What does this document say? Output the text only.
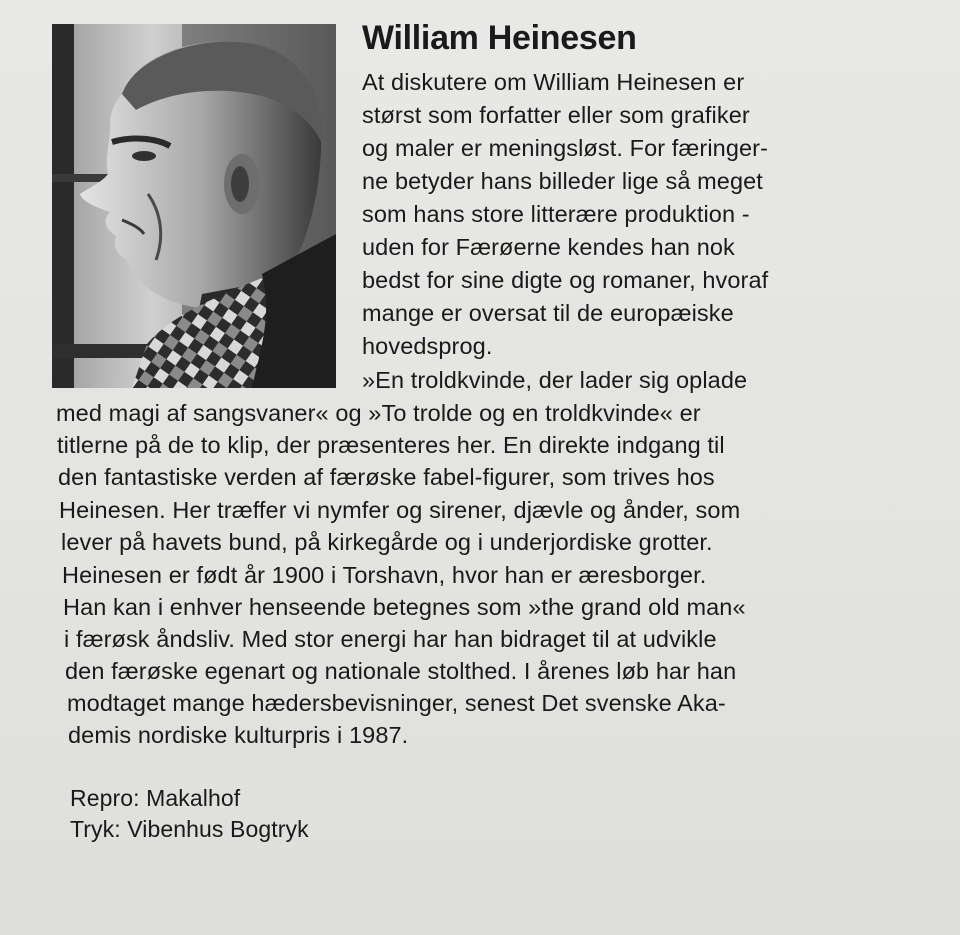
William Heinesen

At diskutere om William Heinesen er

størst som forfatter eller som grafiker

og maler er meningsløst. For færinger-

ne betyder hans billeder lige så meget

som hans store litterære produktion -

uden for Færøerne kendes han nok

bedst for sine digte og romaner, hvoraf

mange er oversat til de europæiske

hovedsprog.

»En troldkvinde, der lader sig oplade

med magi af sangsvaner« og »To trolde og en troldkvinde« er

titlerne på de to klip, der præsenteres her. En direkte indgang til

den fantastiske verden af færøske fabel-figurer, som trives hos

Heinesen. Her træffer vi nymfer og sirener, djævle og ånder, som

lever på havets bund, på kirkegårde og i underjordiske grotter.

Heinesen er født år 1900 i Torshavn, hvor han er æresborger.

Han kan i enhver henseende betegnes som »the grand old man«

i færøsk åndsliv. Med stor energi har han bidraget til at udvikle

den færøske egenart og nationale stolthed. I årenes løb har han

modtaget mange hædersbevisninger, senest Det svenske Aka-

demis nordiske kulturpris i 1987.

Repro: Makalhof

Tryk: Vibenhus Bogtryk
